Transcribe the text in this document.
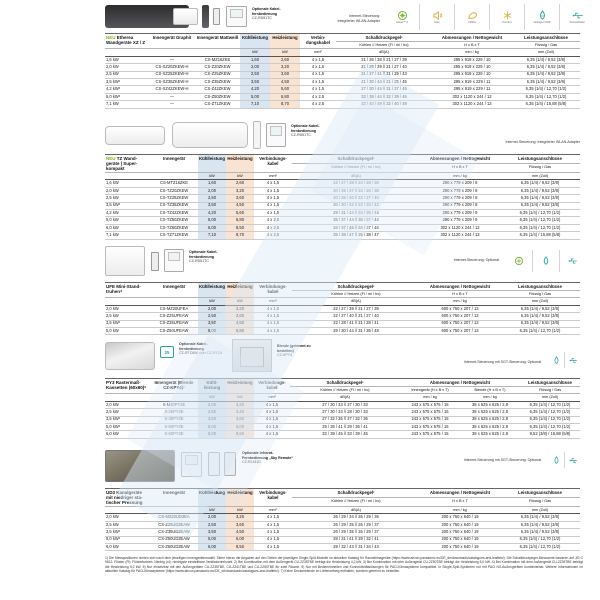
Optionale Kabelfernbedienung
CZ-RD51TC
Internet-Steuerung:
Integrierter WLAN-Adapter	nanoe™ X	leise	Airflow	Komfort	niedriges GWP	Konnektivität
NEU Etherea Wandgeräte XZ / Z	Innengerät Graphit	Innengerät Mattweiß	Kühlleistung	Heizleistung	Verbindungskabel	Schalldruckpegel¹	Abmessungen / Nettogewicht	Leistungsanschlüsse
						Kühlen // Heizen (Fl / mi / ho)	H x B x T	Flüssig / Gas
			kW	kW	mm²	dB(A)	mm / kg	mm (Zoll)
1,6 kW	—	CS-MZ16ZKE	1,60	2,60	4 x 1,5	21 / 26 / 38 // 21 / 27 / 39	295 x 919 x 229 / 10	6,35 (1/4) / 9,52 (3/8)
2,0 kW	CS-XZ20ZKEW-H	CS-Z20ZKEW	2,00	3,20	4 x 1,5	21 / 26 / 39 // 21 / 27 / 40	295 x 919 x 229 / 10	6,35 (1/4) / 9,52 (3/8)
2,5 kW	CS-XZ25ZKEW-H	CS-Z25ZKEW	2,50	3,60	4 x 1,5	21 / 27 / 41 // 21 / 29 / 43	295 x 919 x 229 / 10	6,35 (1/4) / 9,52 (3/8)
3,5 kW²	CS-XZ35ZKEW-H	CS-Z35ZKEW	3,50	4,50	4 x 1,5	21 / 30 / 44 // 21 / 35 / 45	295 x 919 x 229 / 11	6,35 (1/4) / 9,52 (3/8)
4,2 kW³	CS-XZ42ZKEW-H	CS-Z42ZKEW	4,20	5,60	4 x 1,5	27 / 30 / 44 // 31 / 37 / 45	295 x 919 x 229 / 11	6,35 (1/4) / 12,70 (1/2)
5,0 kW³	—	CS-Z50ZKEW	5,00	6,80	4 x 2,5	32 / 39 / 44 // 32 / 39 / 46	302 x 1120 x 244 / 12	6,35 (1/4) / 12,70 (1/2)
7,1 kW	—	CS-Z71ZKEW	7,10	8,70	4 x 2,5	32 / 40 / 49 // 32 / 40 / 49	302 x 1120 x 244 / 13	6,35 (1/4) / 15,88 (5/8)
Optionale Kabelfernbedienung
CZ-RD51TC
Internet-Steuerung: Integrierter WLAN-Adapter
NEU TZ Wandgeräte | Superkompakt	Innengerät	Kühlleistung	Heizleistung	Verbindungskabel	Schalldruckpegel¹	Abmessungen / Nettogewicht	Leistungsanschlüsse
					Kühlen // Heizen (Fl / mi / ho)	H x B x T	Flüssig / Gas
		kW	kW	mm²	dB(A)	mm / kg	mm (Zoll)
1,6 kW	CS-MTZ16ZKE	1,60	2,60	4 x 1,5	22 / 27 / 38 // 24 / 28 / 39	290 x 779 x 209 / 8	6,35 (1/4) / 9,52 (3/8)
2,0 kW	CS-TZ20ZKEW	2,00	3,20	4 x 1,5	20 / 25 / 37 // 22 / 26 / 38	290 x 779 x 209 / 8	6,35 (1/4) / 9,52 (3/8)
2,5 kW	CS-TZ25ZKEW	2,50	3,60	4 x 1,5	20 / 26 / 40 // 22 / 27 / 40	290 x 779 x 209 / 8	6,35 (1/4) / 9,52 (3/8)
3,5 kW²	CS-TZ35ZKEW	3,50	4,50	4 x 1,5	20 / 30 / 42 // 22 / 33 / 42	290 x 779 x 209 / 8	6,35 (1/4) / 9,52 (3/8)
4,2 kW	CS-TZ42ZKEW	4,20	5,60	4 x 1,5	29 / 31 / 44 // 34 / 35 / 44	290 x 779 x 209 / 9	6,35 (1/4) / 12,70 (1/2)
5,0 kW	CS-TZ50ZKEW	5,00	6,80	4 x 2,5	35 / 37 / 44 // 35 / 37 / 44	290 x 779 x 209 / 9	6,35 (1/4) / 12,70 (1/2)
6,0 kW	CS-TZ60ZKEW	6,00	8,50	4 x 2,5	34 / 37 / 46 // 34 / 37 / 46	302 x 1120 x 244 / 12	6,35 (1/4) / 12,70 (1/2)
7,1 kW	CS-TZ71ZKEW	7,10	8,70	4 x 2,5	35 / 38 / 47 // 35 / 38 / 47	302 x 1120 x 244 / 13	6,35 (1/4) / 15,88 (5/8)
Optionale Kabelfernbedienung
CZ-RD51TC	Internet-Steuerung: Optional.
UFE Mini-Standtruhen⁴	Innengerät	Kühlleistung	Heizleistung	Verbindungskabel	Schalldruckpegel¹	Abmessungen / Nettogewicht	Leistungsanschlüsse
					Kühlen // Heizen (Fl / mi / ho)	H x B x T	Flüssig / Gas
		kW	kW	mm²	dB(A)	mm / kg	mm (Zoll)
2,0 kW	CS-MZ20UFEA	2,00	3,20	4 x 1,5	22 / 27 / 39 // 21 / 27 / 39	600 x 750 x 207 / 13	6,35 (1/4) / 9,52 (3/8)
2,5 kW	CS-Z25UFEAW	2,50	3,60	4 x 1,5	22 / 27 / 40 // 21 / 27 / 40	600 x 750 x 207 / 13	6,35 (1/4) / 9,52 (3/8)
3,5 kW²	CS-Z35UFEAW	3,50	4,50	4 x 1,5	22 / 28 / 41 // 21 / 28 / 41	600 x 750 x 207 / 13	6,35 (1/4) / 9,52 (3/8)
5,0 kW	CS-Z50UFEAW	5,00	5,80	4 x 1,5	29 / 30 / 44 // 31 / 35 / 48	600 x 750 x 207 / 13	6,35 (1/4) / 12,70 (1/2)
25
Optionale Kabelfernbedienung
CZ-RTC6W oder CZ-RTC6
Blende (getrennt zu bestellen)
CZ-KPY4
Internet-Steuerung mit SGT-Steuerung: Optional.
PY3 Rastermaß-Kassetten (60x60)⁶	Innengerät (Blende CZ-KPY4)⁷	Kühlleistung	Heizleistung	Verbindungskabel	Schalldruckpegel¹	Abmessungen / Nettogewicht		Leistungsanschlüsse
					Kühlen // Heizen (Fl / mi / ho)	Innengerät (H x B x T)	Blende (H x B x T)	Flüssig / Gas
		kW	kW	mm²	dB(A)	mm / kg	mm / kg	mm (Zoll)
2,0 kW	S-M20PY3E	2,00	3,20	4 x 1,5	27 / 30 / 33 // 27 / 30 / 33	243 x 575 x 575 / 15	38 x 625 x 625 / 2,8	6,35 (1/4) / 12,70 (1/2)
2,5 kW	S-25PY3E	2,50	3,40	4 x 1,5	27 / 30 / 33 // 28 / 30 / 33	243 x 575 x 575 / 15	38 x 625 x 625 / 2,8	6,35 (1/4) / 12,70 (1/2)
3,5 kW²	S-36PY3E	3,50	3,60	4 x 1,5	27 / 32 / 36 // 27 / 32 / 36	243 x 575 x 575 / 15	38 x 625 x 625 / 2,8	6,35 (1/4) / 12,70 (1/2)
5,0 kW³	S-50PY3E	5,00	6,00	4 x 1,5	29 / 36 / 41 // 29 / 36 / 41	243 x 575 x 575 / 15	38 x 625 x 625 / 2,8	6,35 (1/4) / 12,70 (1/2)
6,0 kW	S-60PY3E	6,00	8,50	4 x 1,5	33 / 39 / 45 // 33 / 39 / 45	243 x 575 x 575 / 15	38 x 625 x 625 / 2,8	9,52 (3/8) / 15,88 (5/8)
Optionale Infrarot-Fernbedienung „Sky Remote“
CZ-RL511D
Internet-Steuerung mit SGT-Steuerung: Optional.
UD3 Kanalgeräte mit niedriger statischer Pressung	Innengerät	Kühlleistung	Heizleistung	Verbindungskabel	Schalldruckpegel¹	Abmessungen / Nettogewicht	Leistungsanschlüsse
					Kühlen // Heizen (Fl / mi / ho)	H x B x T	Flüssig / Gas
		kW	kW	mm²	dB(A)	mm / kg	mm (Zoll)
2,0 kW	CS-MZ20UD3EA	2,00	3,20	4 x 1,5	26 / 29 / 34 // 26 / 29 / 36	200 x 750 x 640 / 19	6,35 (1/4) / 9,52 (3/8)
2,5 kW	CS-Z25UD3EAW	2,50	3,60	4 x 1,5	26 / 29 / 35 // 26 / 29 / 37	200 x 750 x 640 / 19	6,35 (1/4) / 9,52 (3/8)
3,5 kW²	CS-Z35UD3EAW	3,50	4,50	4 x 1,5	26 / 29 / 35 // 26 / 29 / 37	200 x 750 x 640 / 19	6,35 (1/4) / 9,52 (3/8)
5,0 kW³	CS-Z50UD3EAW	5,00	6,00	4 x 1,5	28 / 31 / 41 // 29 / 32 / 41	200 x 750 x 640 / 19	6,35 (1/4) / 12,70 (1/2)
6,0 kW	CS-Z60UD3EAW	6,00	8,50	4 x 1,5	29 / 32 / 43 // 31 / 34 / 43	200 x 750 x 640 / 19	6,35 (1/4) / 12,70 (1/2)
1) Die Messpositionen richten sich nach dem jeweiligen Innengerätemodell. Siehe hierzu die Angaben auf den Seiten der jeweiligen Single-Split-Modelle im aktuellen Katalog für Raumklimageräte (https://www.aircon.panasonic.eu/DE_de/downloads/catalogues-and-leaflets/). Die Schalldruckpegel-Messwerte basieren auf JIS C 9612. Flüster (Fl): Flüsterbetrieb. Niedrig (ni): niedrigste einstellbare Ventilatordrehzahl. 2) Bei Kombination mit dem Außengerät CU-2Z35TBE beträgt die Heizleistung 4,2 kW. 3) Bei Kombination mit dem Außengerät CU-2Z50TBE beträgt die Heizleistung 5,0 kW. 4) Bei Kombination mit dem Außengerät CU-2Z35TBE beträgt die Heizleistung 5,2 kW. 5) Nur einsetzbar mit den Außengeräten CU-2Z35TBE, CU-2Z41TBE und CU-2Z50TBE für zwei Räume. 6) Nur mit Bedieneinheiten und Konnektivitätslösungen für PACi-Klimasysteme kompatibel. In Single-Split-Systemen nur mit PACi NX-Außengeräten kombinierbar. Weitere Informationen im aktuellen Katalog für PACi-Klimasysteme (https://www.aircon.panasonic.eu/DE_de/downloads/catalogues-and-leaflets/). 7) Keine Deckenblende im Lieferumfang enthalten, sondern getrennt zu bestellen.
